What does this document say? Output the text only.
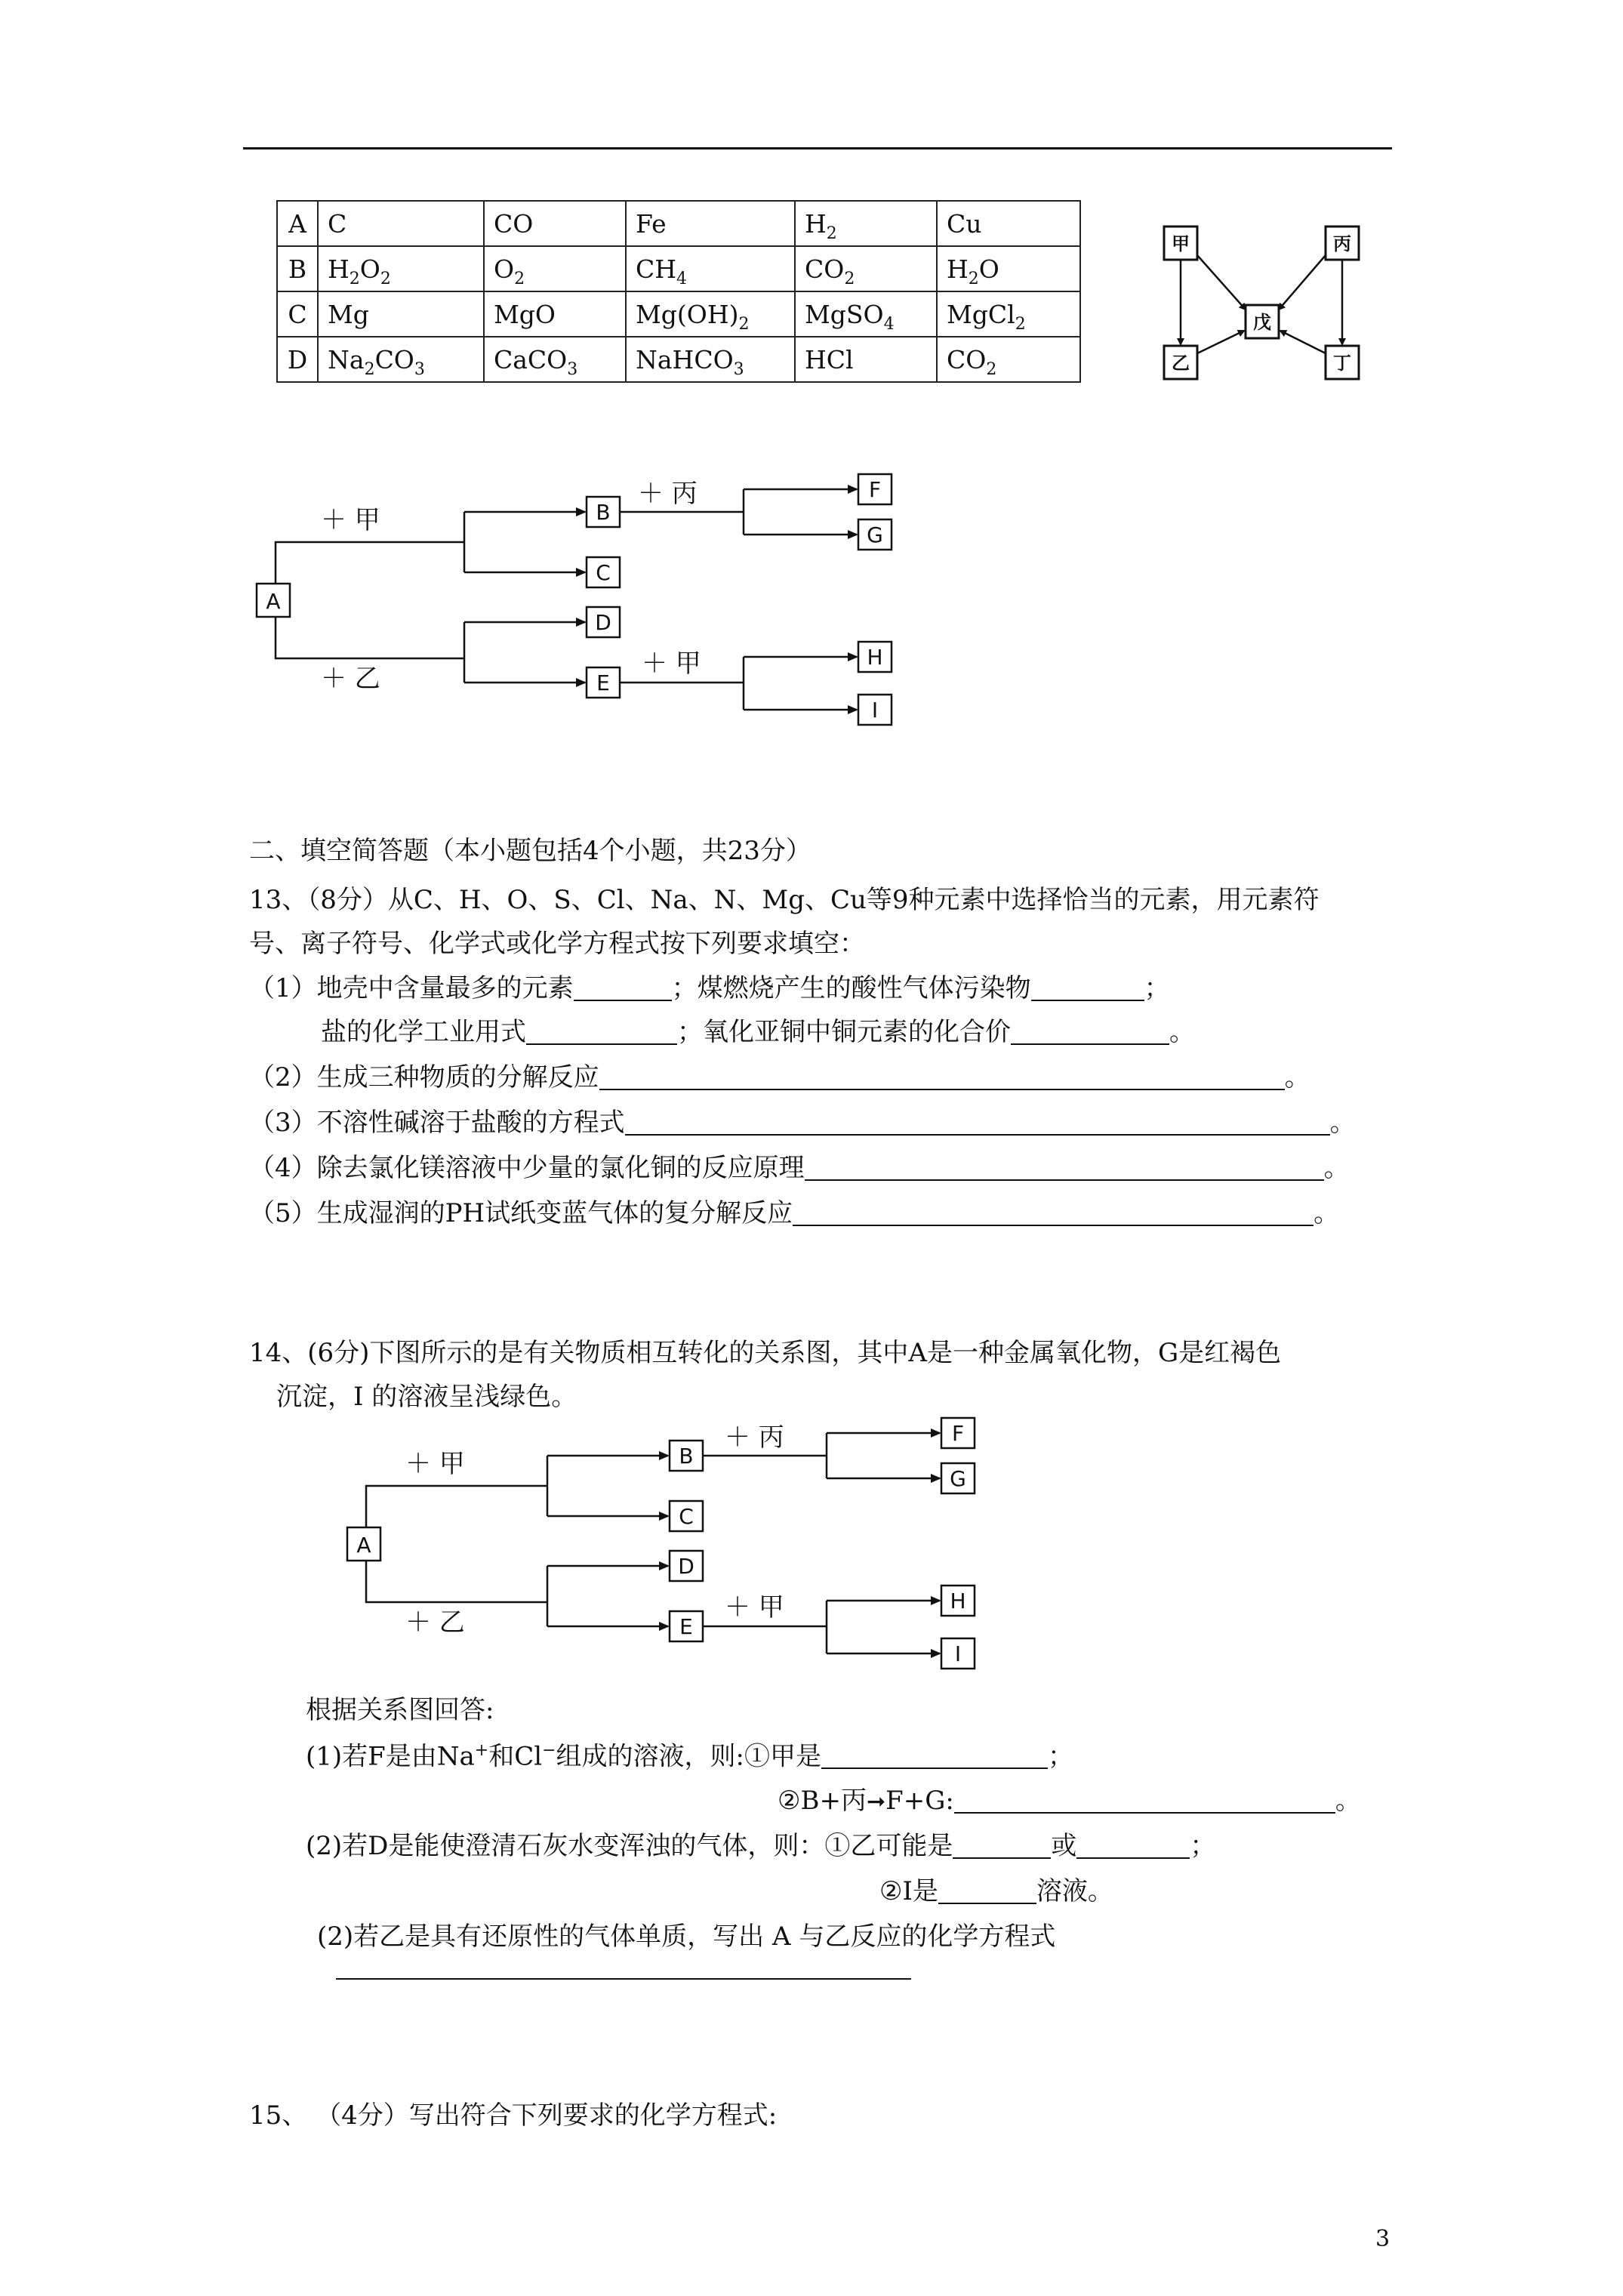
A	C	CO	Fe	$H_2$	Cu
B	$H_2O_2$	$O_2$	$CH_4$	$CO_2$	$H_2O$
C	Mg	MgO	$Mg(OH)_2$	MgSO$_4$	MgCl$_2$
D	$Na_2CO_3$	CaCO$_3$	NaHCO$_3$	HCl	$CO_2$
甲	丙
戊
乙	丁
A
＋ 甲
＋ 乙
B
C
＋ 丙	F
G
D
E
＋ 甲	H
I
二、填空简答题（本小题包括4个小题，共23分）
13、（8分）从C、H、O、S、Cl、Na、N、Mg、Cu等9种元素中选择恰当的元素，用元素符
号、离子符号、化学式或化学方程式按下列要求填空：
（1）地壳中含量最多的元素	；煤燃烧产生的酸性气体污染物	；
盐的化学工业用式	；氧化亚铜中铜元素的化合价	。
（2）生成三种物质的分解反应	。
（3）不溶性碱溶于盐酸的方程式	。
（4）除去氯化镁溶液中少量的氯化铜的反应原理	。
（5）生成湿润的PH试纸变蓝气体的复分解反应	。
14、(6分)下图所示的是有关物质相互转化的关系图，其中A是一种金属氧化物，G是红褐色
沉淀，I 的溶液呈浅绿色。
A
＋ 甲
＋ 乙
B
C
＋ 丙	F
G
D
E
＋ 甲	H
I
根据关系图回答:
(1)若F是由Na+和Cl−组成的溶液，则:①甲是	；
②B+丙➞F+G:	。
(2)若D是能使澄清石灰水变浑浊的气体，则：①乙可能是	或	；
②I是	溶液。
(2)若乙是具有还原性的气体单质，写出 A 与乙反应的化学方程式
15、 （4分）写出符合下列要求的化学方程式:
3
